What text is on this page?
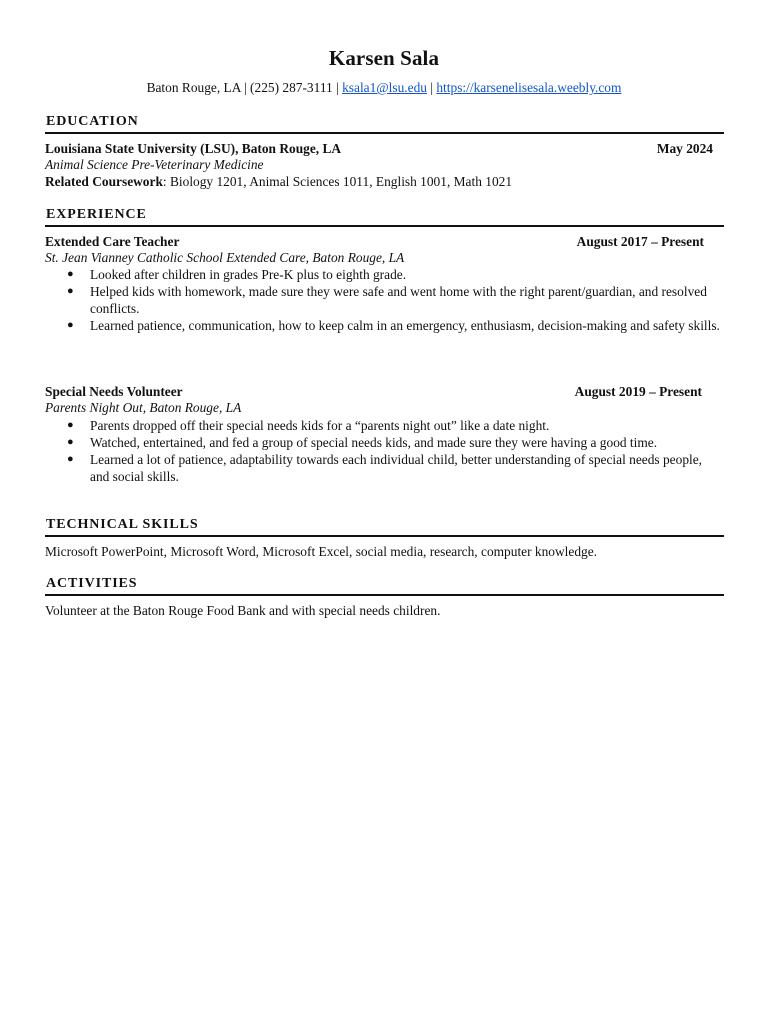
Karsen Sala
Baton Rouge, LA | (225) 287-3111 | ksala1@lsu.edu | https://karsenelisesala.weebly.com
EDUCATION
Louisiana State University (LSU), Baton Rouge, LA	May 2024
Animal Science Pre-Veterinary Medicine
Related Coursework: Biology 1201, Animal Sciences 1011, English 1001, Math 1021
EXPERIENCE
Extended Care Teacher	August 2017 – Present
St. Jean Vianney Catholic School Extended Care, Baton Rouge, LA
● Looked after children in grades Pre-K plus to eighth grade.
● Helped kids with homework, made sure they were safe and went home with the right parent/guardian, and resolved conflicts.
● Learned patience, communication, how to keep calm in an emergency, enthusiasm, decision-making and safety skills.
Special Needs Volunteer	August 2019 – Present
Parents Night Out, Baton Rouge, LA
● Parents dropped off their special needs kids for a “parents night out” like a date night.
● Watched, entertained, and fed a group of special needs kids, and made sure they were having a good time.
● Learned a lot of patience, adaptability towards each individual child, better understanding of special needs people, and social skills.
TECHNICAL SKILLS
Microsoft PowerPoint, Microsoft Word, Microsoft Excel, social media, research, computer knowledge.
ACTIVITIES
Volunteer at the Baton Rouge Food Bank and with special needs children.
